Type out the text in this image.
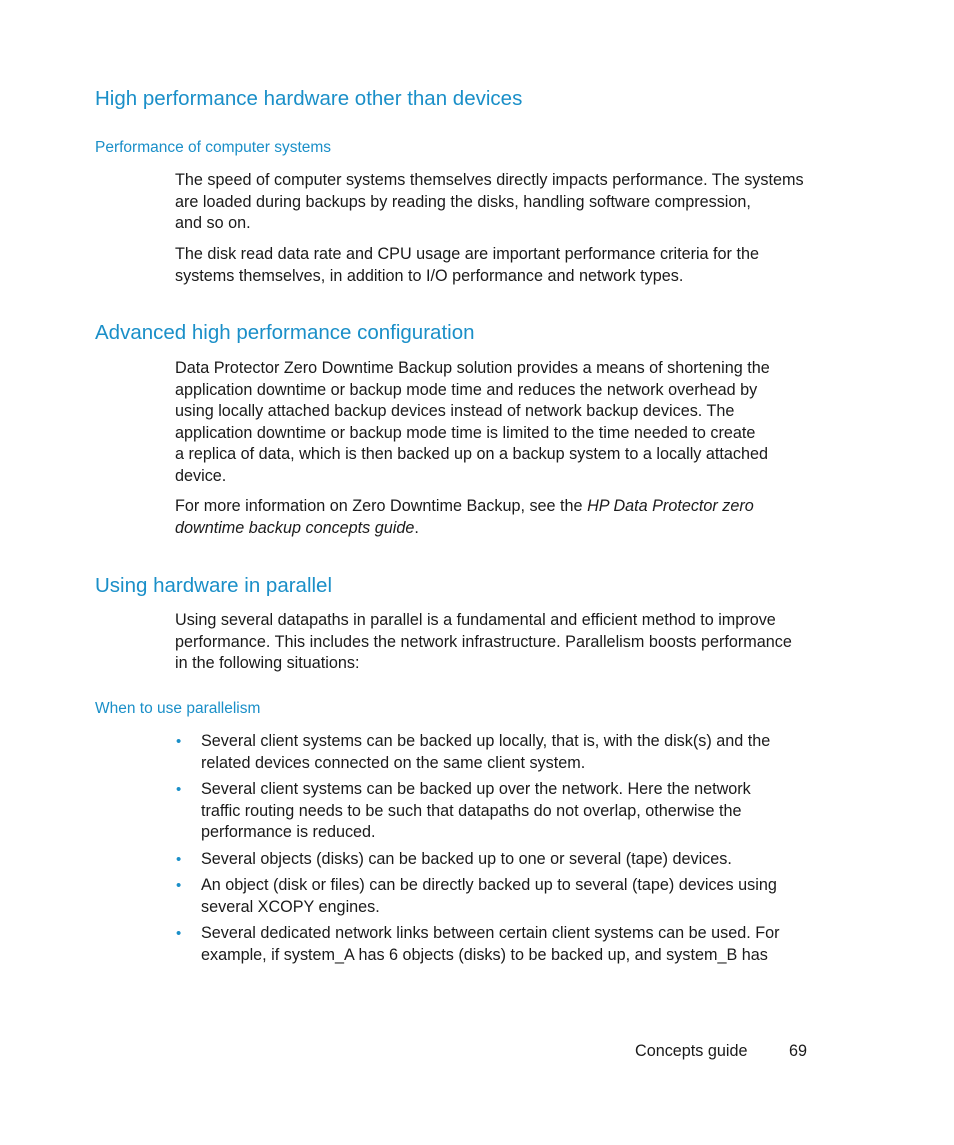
High performance hardware other than devices
Performance of computer systems

The speed of computer systems themselves directly impacts performance. The systems
are loaded during backups by reading the disks, handling software compression,
and so on.

The disk read data rate and CPU usage are important performance criteria for the
systems themselves, in addition to I/O performance and network types.

Advanced high performance configuration

Data Protector Zero Downtime Backup solution provides a means of shortening the
application downtime or backup mode time and reduces the network overhead by
using locally attached backup devices instead of network backup devices. The
application downtime or backup mode time is limited to the time needed to create
a replica of data, which is then backed up on a backup system to a locally attached
device.

For more information on Zero Downtime Backup, see the HP Data Protector zero
downtime backup concepts guide.

Using hardware in parallel

Using several datapaths in parallel is a fundamental and efficient method to improve
performance. This includes the network infrastructure. Parallelism boosts performance
in the following situations:

When to use parallelism
• Several client systems can be backed up locally, that is, with the disk(s) and the
related devices connected on the same client system.
• Several client systems can be backed up over the network. Here the network
traffic routing needs to be such that datapaths do not overlap, otherwise the
performance is reduced.
• Several objects (disks) can be backed up to one or several (tape) devices.
• An object (disk or files) can be directly backed up to several (tape) devices using
several XCOPY engines.
• Several dedicated network links between certain client systems can be used. For
example, if system_A has 6 objects (disks) to be backed up, and system_B has
Concepts guide	69
